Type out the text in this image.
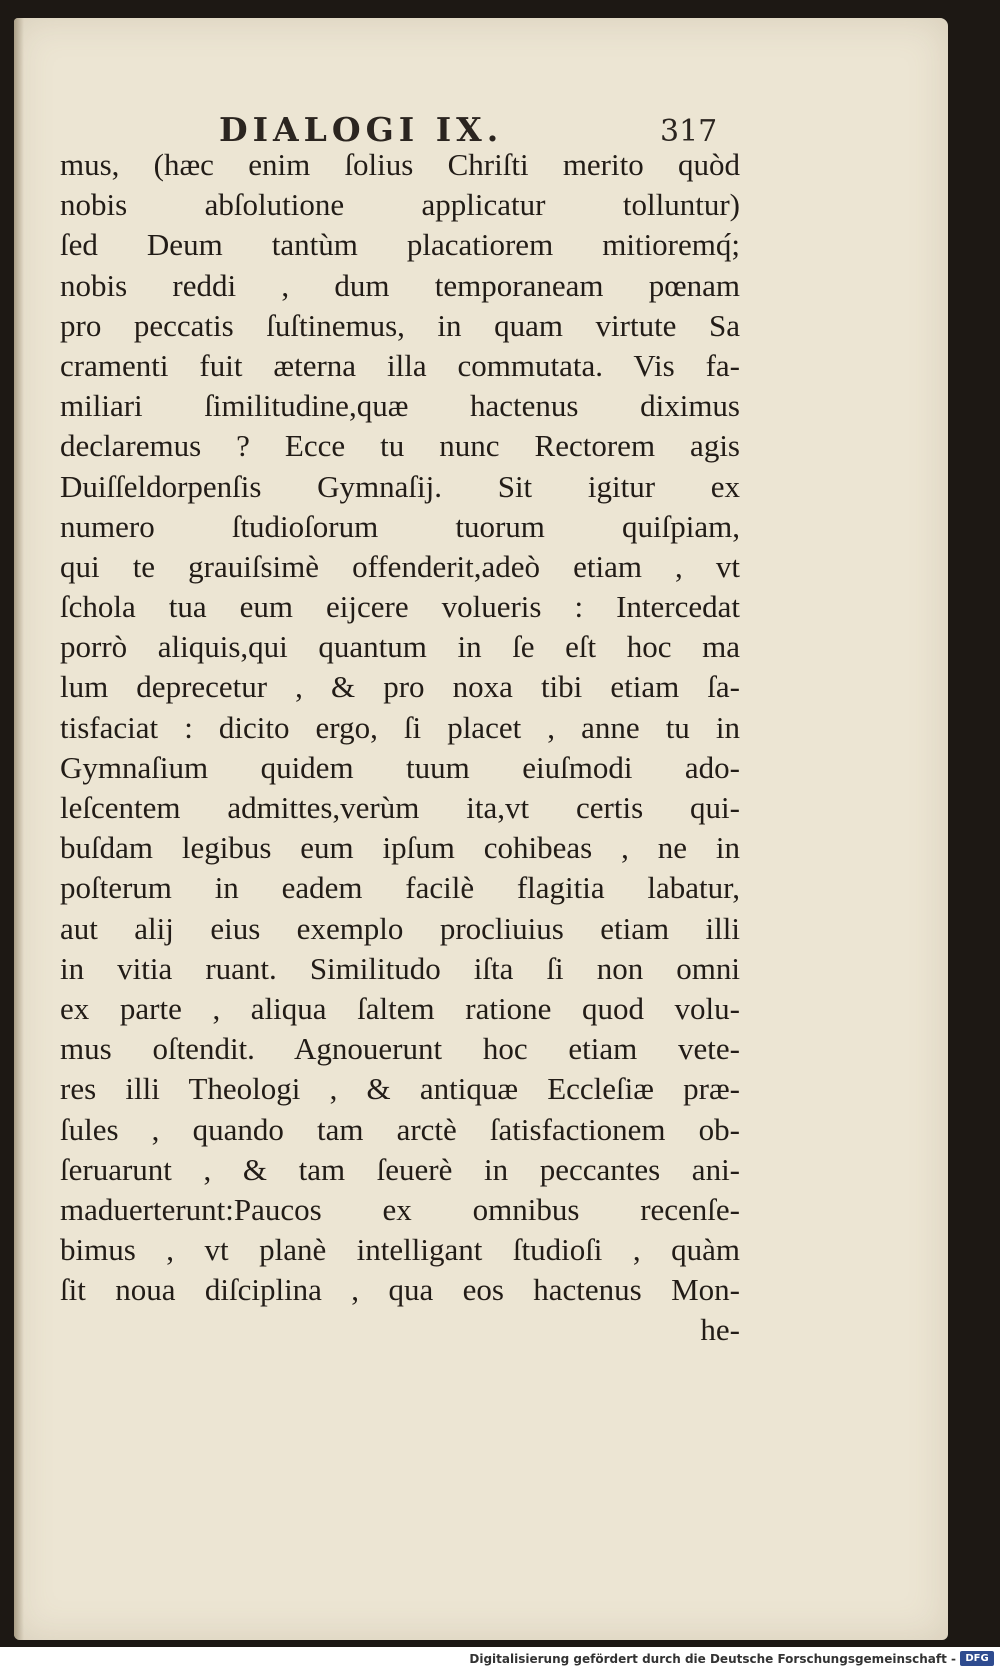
DIALOGI IX.	317
mus, (hæc enim ſolius Chriſti merito quòd
nobis abſolutione applicatur tolluntur)
ſed Deum tantùm placatiorem mitioremq́;
nobis reddi , dum temporaneam pœnam
pro peccatis ſuſtinemus, in quam virtute Sa
cramenti fuit æterna illa commutata. Vis fa-
miliari ſimilitudine,quæ hactenus diximus
declaremus ? Ecce tu nunc Rectorem agis
Duiſſeldorpenſis Gymnaſij. Sit igitur ex
numero ſtudioſorum tuorum quiſpiam,
qui te grauiſsimè offenderit,adeò etiam , vt
ſchola tua eum eijcere volueris : Intercedat
porrò aliquis,qui quantum in ſe eſt hoc ma
lum deprecetur , & pro noxa tibi etiam ſa-
tisfaciat : dicito ergo, ſi placet , anne tu in
Gymnaſium quidem tuum eiuſmodi ado-
leſcentem admittes,verùm ita,vt certis qui-
buſdam legibus eum ipſum cohibeas , ne in
poſterum in eadem facilè flagitia labatur,
aut alij eius exemplo procliuius etiam illi
in vitia ruant. Similitudo iſta ſi non omni
ex parte , aliqua ſaltem ratione quod volu-
mus oſtendit. Agnouerunt hoc etiam vete-
res illi Theologi , & antiquæ Eccleſiæ præ-
ſules , quando tam arctè ſatisfactionem ob-
ſeruarunt , & tam ſeuerè in peccantes ani-
maduerterunt:Paucos ex omnibus recenſe-
bimus , vt planè intelligant ſtudioſi , quàm
ſit noua diſciplina , qua eos hactenus Mon-
he-
Digitalisierung gefördert durch die Deutsche Forschungsgemeinschaft - DFG
